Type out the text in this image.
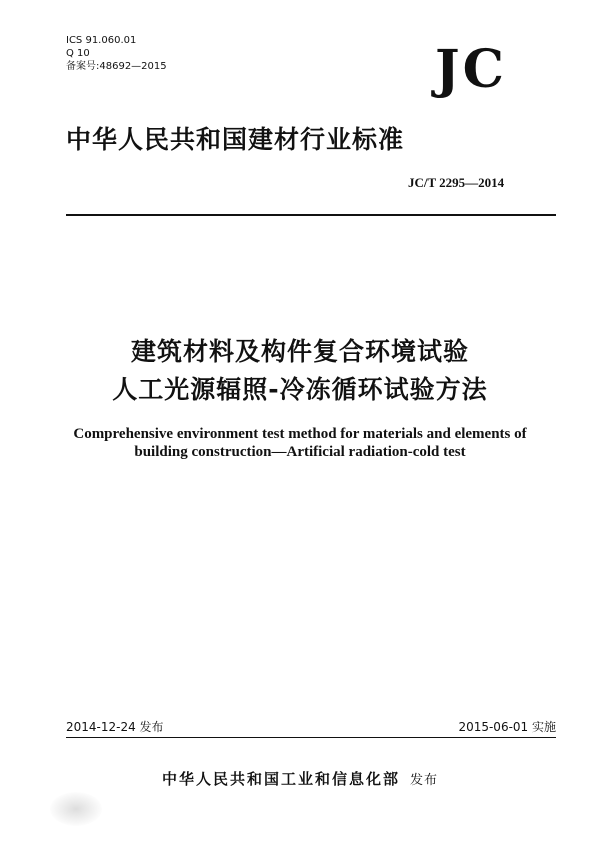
ICS 91.060.01
Q 10
备案号:48692—2015	JC
中华人民共和国建材行业标准
JC/T 2295—2014
建筑材料及构件复合环境试验
人工光源辐照-冷冻循环试验方法
Comprehensive environment test method for materials and elements of
building construction—Artificial radiation-cold test
2014-12-24 发布	2015-06-01 实施
中华人民共和国工业和信息化部 发布
